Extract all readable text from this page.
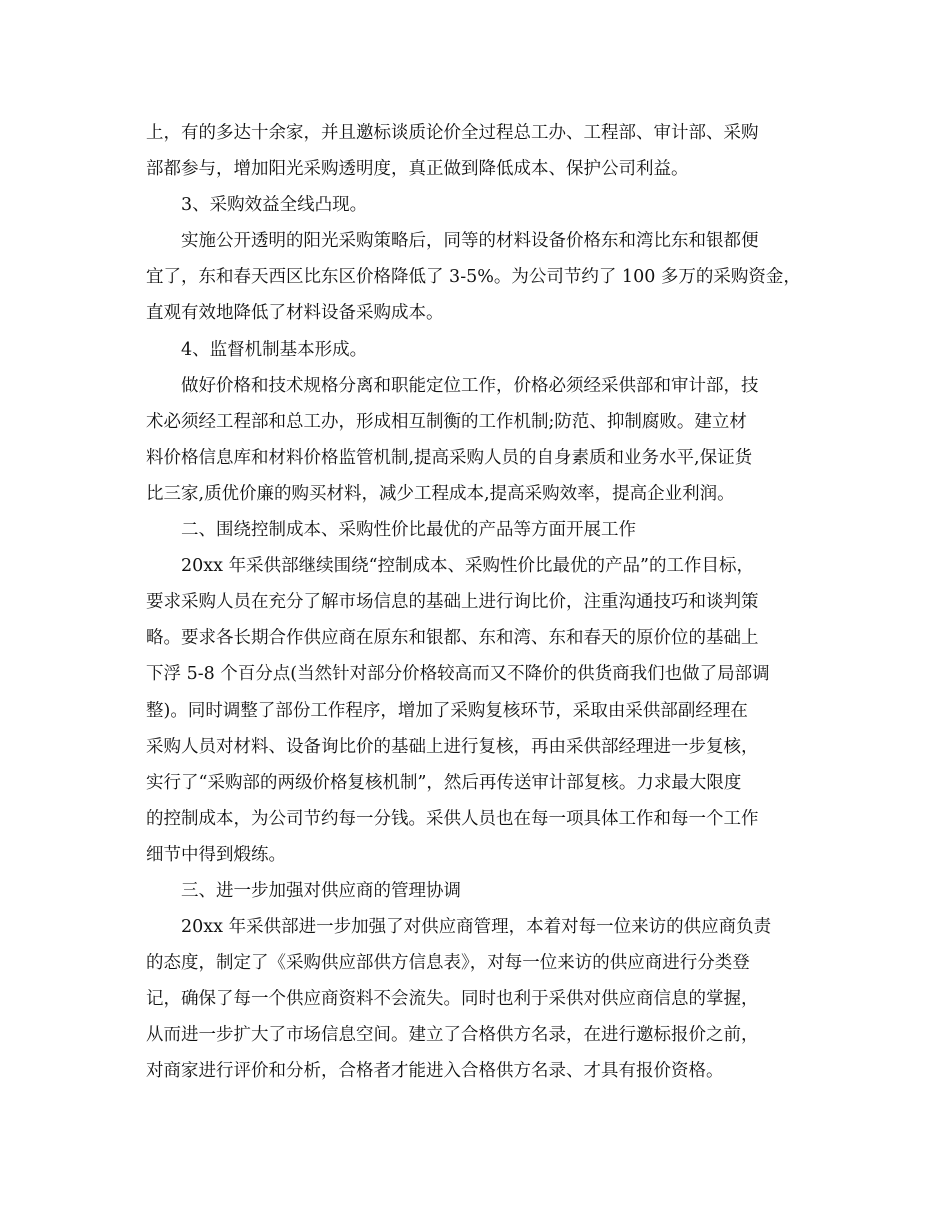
上，有的多达十余家，并且邀标谈质论价全过程总工办、工程部、审计部、采购
部都参与，增加阳光采购透明度，真正做到降低成本、保护公司利益。
3、采购效益全线凸现。
实施公开透明的阳光采购策略后，同等的材料设备价格东和湾比东和银都便
宜了，东和春天西区比东区价格降低了 3-5%。为公司节约了 100 多万的采购资金，
直观有效地降低了材料设备采购成本。
4、监督机制基本形成。
做好价格和技术规格分离和职能定位工作，价格必须经采供部和审计部，技
术必须经工程部和总工办，形成相互制衡的工作机制;防范、抑制腐败。建立材
料价格信息库和材料价格监管机制,提高采购人员的自身素质和业务水平,保证货
比三家,质优价廉的购买材料，减少工程成本,提高采购效率，提高企业利润。
二、围绕控制成本、采购性价比最优的产品等方面开展工作
20xx 年采供部继续围绕“控制成本、采购性价比最优的产品”的工作目标，
要求采购人员在充分了解市场信息的基础上进行询比价，注重沟通技巧和谈判策
略。要求各长期合作供应商在原东和银都、东和湾、东和春天的原价位的基础上
下浮 5-8 个百分点(当然针对部分价格较高而又不降价的供货商我们也做了局部调
整)。同时调整了部份工作程序，增加了采购复核环节，采取由采供部副经理在
采购人员对材料、设备询比价的基础上进行复核，再由采供部经理进一步复核，
实行了“采购部的两级价格复核机制”，然后再传送审计部复核。力求最大限度
的控制成本，为公司节约每一分钱。采供人员也在每一项具体工作和每一个工作
细节中得到煅练。
三、进一步加强对供应商的管理协调
20xx 年采供部进一步加强了对供应商管理，本着对每一位来访的供应商负责
的态度，制定了《采购供应部供方信息表》，对每一位来访的供应商进行分类登
记，确保了每一个供应商资料不会流失。同时也利于采供对供应商信息的掌握，
从而进一步扩大了市场信息空间。建立了合格供方名录，在进行邀标报价之前，
对商家进行评价和分析，合格者才能进入合格供方名录、才具有报价资格。
